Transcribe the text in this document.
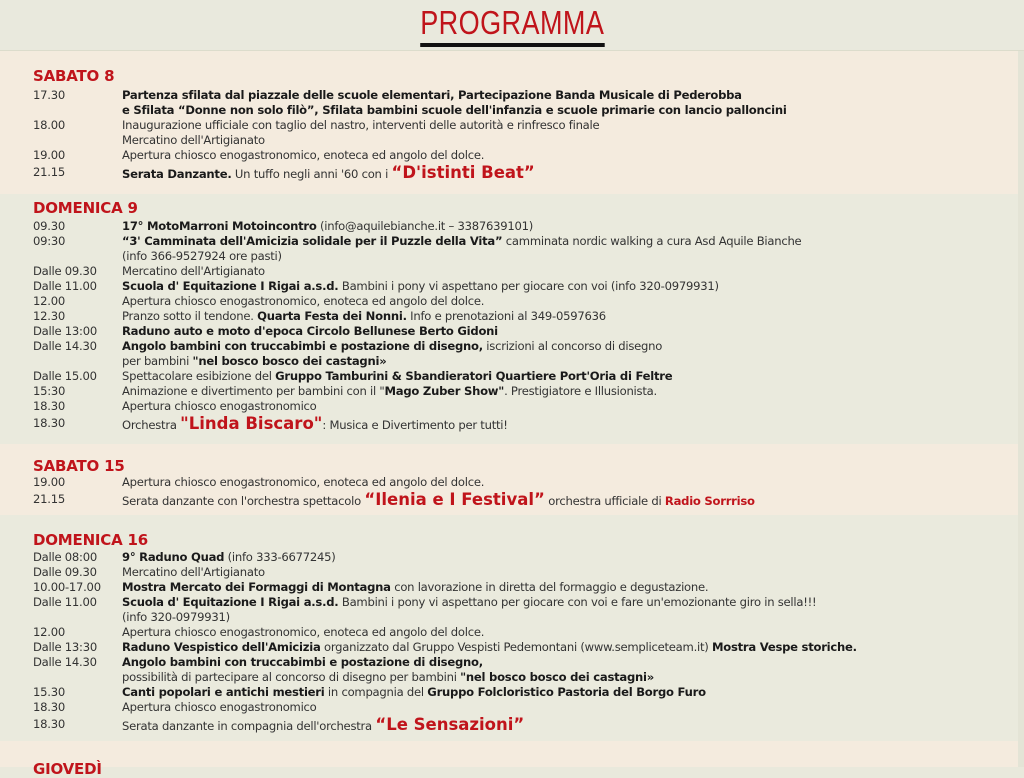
PROGRAMMA
SABATO 8
17.30	Partenza sfilata dal piazzale delle scuole elementari, Partecipazione Banda Musicale di Pederobba
e Sfilata “Donne non solo filò”, Sfilata bambini scuole dell'infanzia e scuole primarie con lancio palloncini
18.00	Inaugurazione ufficiale con taglio del nastro, interventi delle autorità e rinfresco finale
Mercatino dell'Artigianato
19.00	Apertura chiosco enogastronomico, enoteca ed angolo del dolce.
21.15	Serata Danzante. Un tuffo negli anni '60 con i “D'istinti Beat”
DOMENICA 9
09.30	17° MotoMarroni Motoincontro (info@aquilebianche.it – 3387639101)
09:30	“3' Camminata dell'Amicizia solidale per il Puzzle della Vita” camminata nordic walking a cura Asd Aquile Bianche
(info 366-9527924 ore pasti)
Dalle 09.30 Mercatino dell'Artigianato
Dalle 11.00 Scuola d' Equitazione I Rigai a.s.d. Bambini i pony vi aspettano per giocare con voi (info 320-0979931)
12.00	Apertura chiosco enogastronomico, enoteca ed angolo del dolce.
12.30	Pranzo sotto il tendone. Quarta Festa dei Nonni. Info e prenotazioni al 349-0597636
Dalle 13:00 Raduno auto e moto d'epoca Circolo Bellunese Berto Gidoni
Dalle 14.30 Angolo bambini con truccabimbi e postazione di disegno, iscrizioni al concorso di disegno
per bambini "nel bosco bosco dei castagni»
Dalle 15.00 Spettacolare esibizione del Gruppo Tamburini & Sbandieratori Quartiere Port'Oria di Feltre
15:30	Animazione e divertimento per bambini con il "Mago Zuber Show". Prestigiatore e Illusionista.
18.30	Apertura chiosco enogastronomico
18.30	Orchestra "Linda Biscaro": Musica e Divertimento per tutti!
SABATO 15
19.00	Apertura chiosco enogastronomico, enoteca ed angolo del dolce.
21.15	Serata danzante con l'orchestra spettacolo “Ilenia e I Festival” orchestra ufficiale di Radio Sorrriso
DOMENICA 16
Dalle 08:00 9° Raduno Quad (info 333-6677245)
Dalle 09.30 Mercatino dell'Artigianato
10.00-17.00 Mostra Mercato dei Formaggi di Montagna con lavorazione in diretta del formaggio e degustazione.
Dalle 11.00 Scuola d' Equitazione I Rigai a.s.d. Bambini i pony vi aspettano per giocare con voi e fare un'emozionante giro in sella!!!
(info 320-0979931)
12.00	Apertura chiosco enogastronomico, enoteca ed angolo del dolce.
Dalle 13:30 Raduno Vespistico dell'Amicizia organizzato dal Gruppo Vespisti Pedemontani (www.sempliceteam.it) Mostra Vespe storiche.
Dalle 14.30 Angolo bambini con truccabimbi e postazione di disegno,
possibilità di partecipare al concorso di disegno per bambini "nel bosco bosco dei castagni»
15.30	Canti popolari e antichi mestieri in compagnia del Gruppo Folcloristico Pastoria del Borgo Furo
18.30	Apertura chiosco enogastronomico
18.30	Serata danzante in compagnia dell'orchestra “Le Sensazioni”
GIOVEDÌ
